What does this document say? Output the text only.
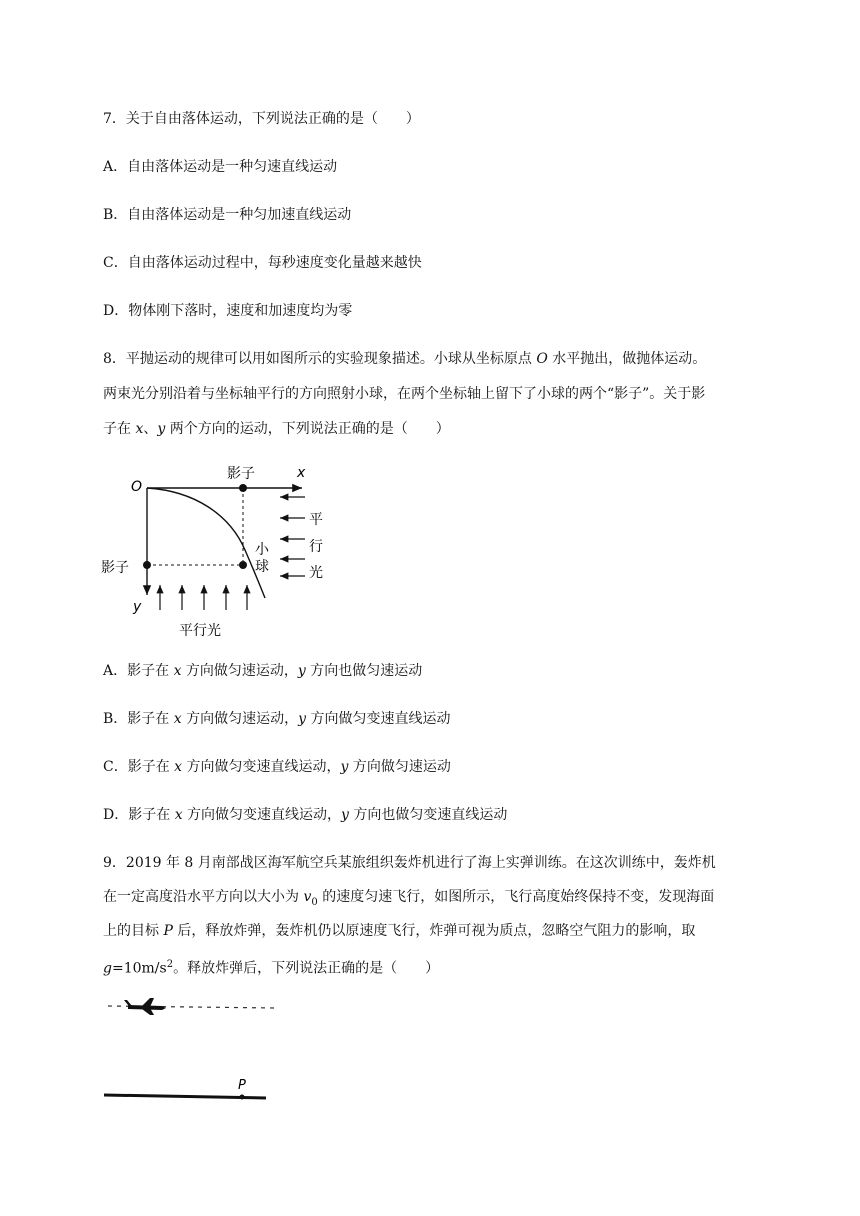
7．关于自由落体运动，下列说法正确的是（　　）
A．自由落体运动是一种匀速直线运动
B．自由落体运动是一种匀加速直线运动
C．自由落体运动过程中，每秒速度变化量越来越快
D．物体刚下落时，速度和加速度均为零
8．平抛运动的规律可以用如图所示的实验现象描述。小球从坐标原点 O 水平抛出，做抛体运动。
两束光分别沿着与坐标轴平行的方向照射小球，在两个坐标轴上留下了小球的两个“影子”。关于影
子在 x、y 两个方向的运动，下列说法正确的是（　　）
O
x
y
影子
影子
小
球
平
行
光
平行光
A．影子在 x 方向做匀速运动，y 方向也做匀速运动
B．影子在 x 方向做匀速运动，y 方向做匀变速直线运动
C．影子在 x 方向做匀变速直线运动，y 方向做匀速运动
D．影子在 x 方向做匀变速直线运动，y 方向也做匀变速直线运动
9．2019 年 8 月南部战区海军航空兵某旅组织轰炸机进行了海上实弹训练。在这次训练中，轰炸机
在一定高度沿水平方向以大小为 $v_0$ 的速度匀速飞行，如图所示，飞行高度始终保持不变，发现海面
上的目标 P 后，释放炸弹，轰炸机仍以原速度飞行，炸弹可视为质点，忽略空气阻力的影响，取
$g=10m/s^2$。释放炸弹后，下列说法正确的是（　　）
P
